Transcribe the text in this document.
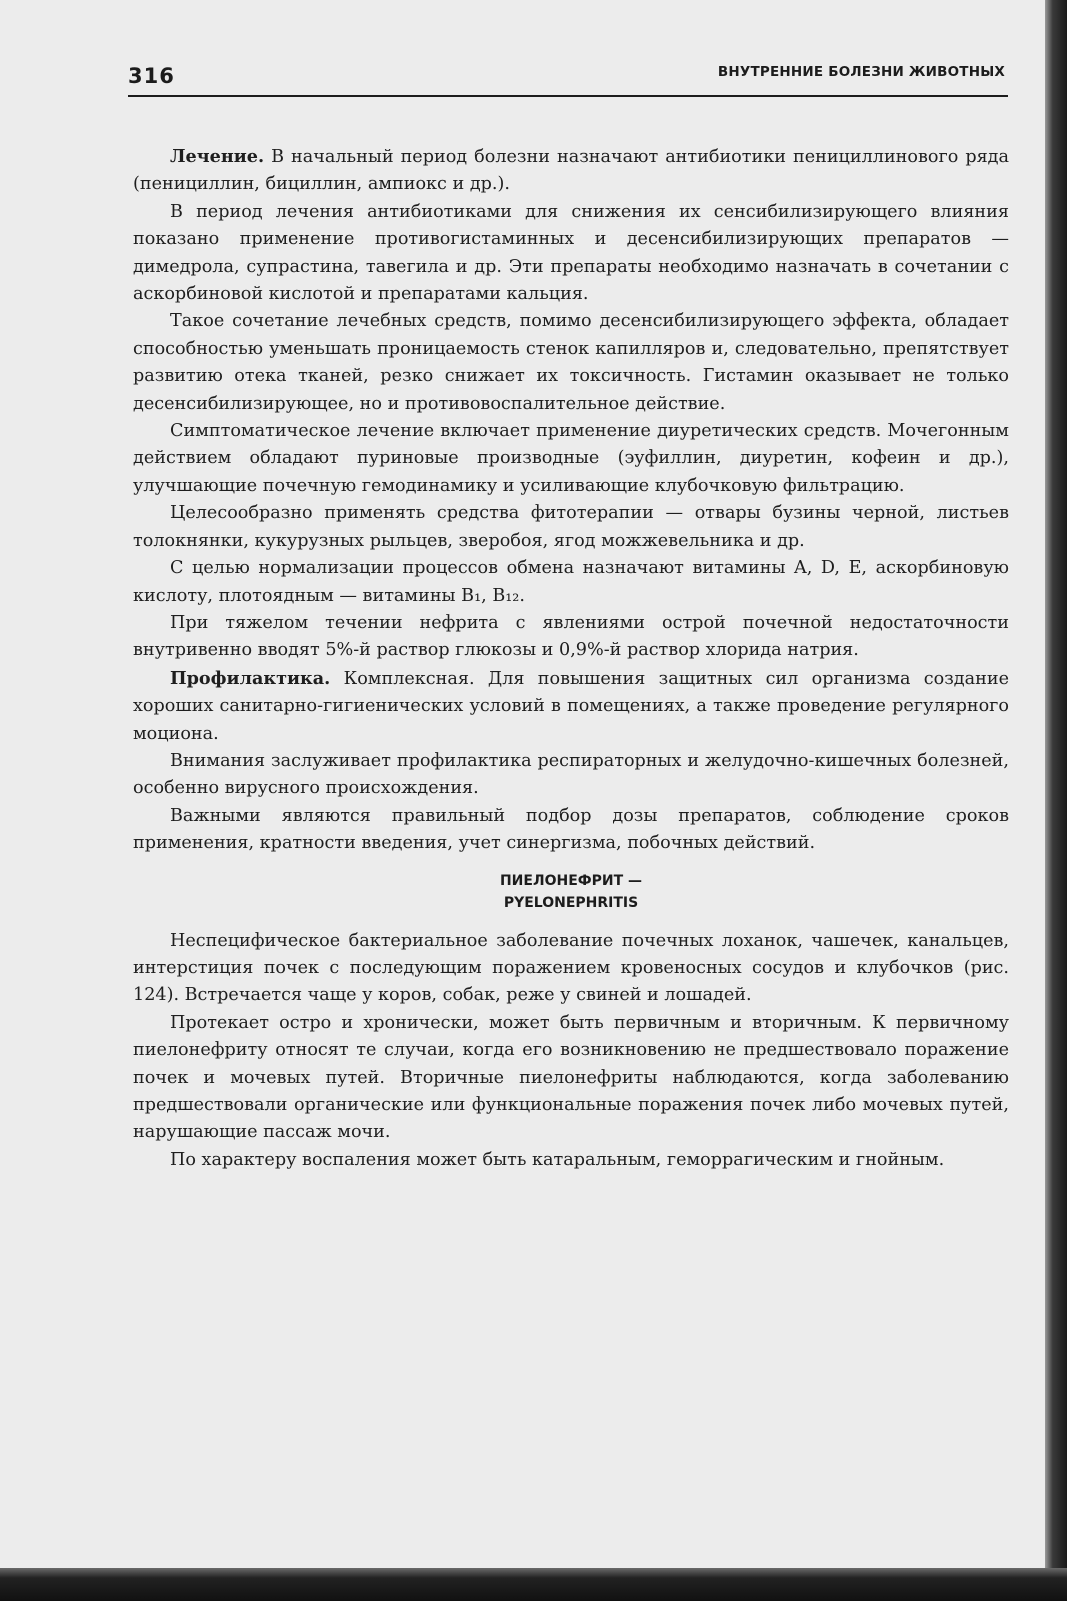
316	ВНУТРЕННИЕ БОЛЕЗНИ ЖИВОТНЫХ

Лечение. В начальный период болезни назначают антибиотики пенициллинового ряда (пенициллин, бициллин, ампиокс и др.).

В период лечения антибиотиками для снижения их сенсибилизирующего влияния показано применение противогистаминных и десенсибилизирующих препаратов — димедрола, супрастина, тавегила и др. Эти препараты необходимо назначать в сочетании с аскорбиновой кислотой и препаратами кальция.

Такое сочетание лечебных средств, помимо десенсибилизирующего эффекта, обладает способностью уменьшать проницаемость стенок капилляров и, следовательно, препятствует развитию отека тканей, резко снижает их токсичность. Гистамин оказывает не только десенсибилизирующее, но и противовоспалительное действие.

Симптоматическое лечение включает применение диуретических средств. Мочегонным действием обладают пуриновые производные (эуфиллин, диуретин, кофеин и др.), улучшающие почечную гемодинамику и усиливающие клубочковую фильтрацию.

Целесообразно применять средства фитотерапии — отвары бузины черной, листьев толокнянки, кукурузных рыльцев, зверобоя, ягод можжевельника и др.

С целью нормализации процессов обмена назначают витамины A, D, E, аскорбиновую кислоту, плотоядным — витамины B₁, B₁₂.

При тяжелом течении нефрита с явлениями острой почечной недостаточности внутривенно вводят 5%-й раствор глюкозы и 0,9%-й раствор хлорида натрия.

Профилактика. Комплексная. Для повышения защитных сил организма создание хороших санитарно-гигиенических условий в помещениях, а также проведение регулярного моциона.

Внимания заслуживает профилактика респираторных и желудочно-кишечных болезней, особенно вирусного происхождения.

Важными являются правильный подбор дозы препаратов, соблюдение сроков применения, кратности введения, учет синергизма, побочных действий.

ПИЕЛОНЕФРИТ —
PYELONEPHRITIS

Неспецифическое бактериальное заболевание почечных лоханок, чашечек, канальцев, интерстиция почек с последующим поражением кровеносных сосудов и клубочков (рис. 124). Встречается чаще у коров, собак, реже у свиней и лошадей.

Протекает остро и хронически, может быть первичным и вторичным. К первичному пиелонефриту относят те случаи, когда его возникновению не предшествовало поражение почек и мочевых путей. Вторичные пиелонефриты наблюдаются, когда заболеванию предшествовали органические или функциональные поражения почек либо мочевых путей, нарушающие пассаж мочи.

По характеру воспаления может быть катаральным, геморрагическим и гнойным.
